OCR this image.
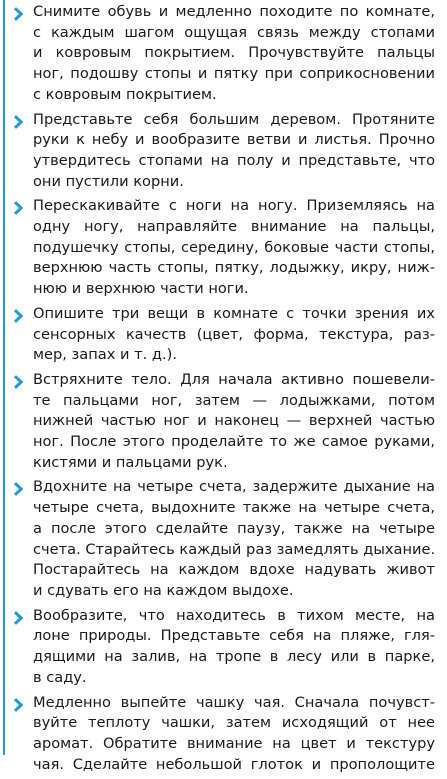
Снимите обувь и медленно походите по комнате,
с каждым шагом ощущая связь между стопами
и ковровым покрытием. Прочувствуйте пальцы
ног, подошву стопы и пятку при соприкосновении
с ковровым покрытием.
Представьте себя большим деревом. Протяните
руки к небу и вообразите ветви и листья. Прочно
утвердитесь стопами на полу и представьте, что
они пустили корни.
Перескакивайте с ноги на ногу. Приземляясь на
одну ногу, направляйте внимание на пальцы,
подушечку стопы, середину, боковые части стопы,
верхнюю часть стопы, пятку, лодыжку, икру, ниж-
нюю и верхнюю части ноги.
Опишите три вещи в комнате с точки зрения их
сенсорных качеств (цвет, форма, текстура, раз-
мер, запах и т. д.).
Встряхните тело. Для начала активно пошевели-
те пальцами ног, затем — лодыжками, потом
нижней частью ног и наконец — верхней частью
ног. После этого проделайте то же самое руками,
кистями и пальцами рук.
Вдохните на четыре счета, задержите дыхание на
четыре счета, выдохните также на четыре счета,
а после этого сделайте паузу, также на четыре
счета. Старайтесь каждый раз замедлять дыхание.
Постарайтесь на каждом вдохе надувать живот
и сдувать его на каждом выдохе.
Вообразите, что находитесь в тихом месте, на
лоне природы. Представьте себя на пляже, гля-
дящими на залив, на тропе в лесу или в парке,
в саду.
Медленно выпейте чашку чая. Сначала почувст-
вуйте теплоту чашки, затем исходящий от нее
аромат. Обратите внимание на цвет и текстуру
чая. Сделайте небольшой глоток и прополощите
